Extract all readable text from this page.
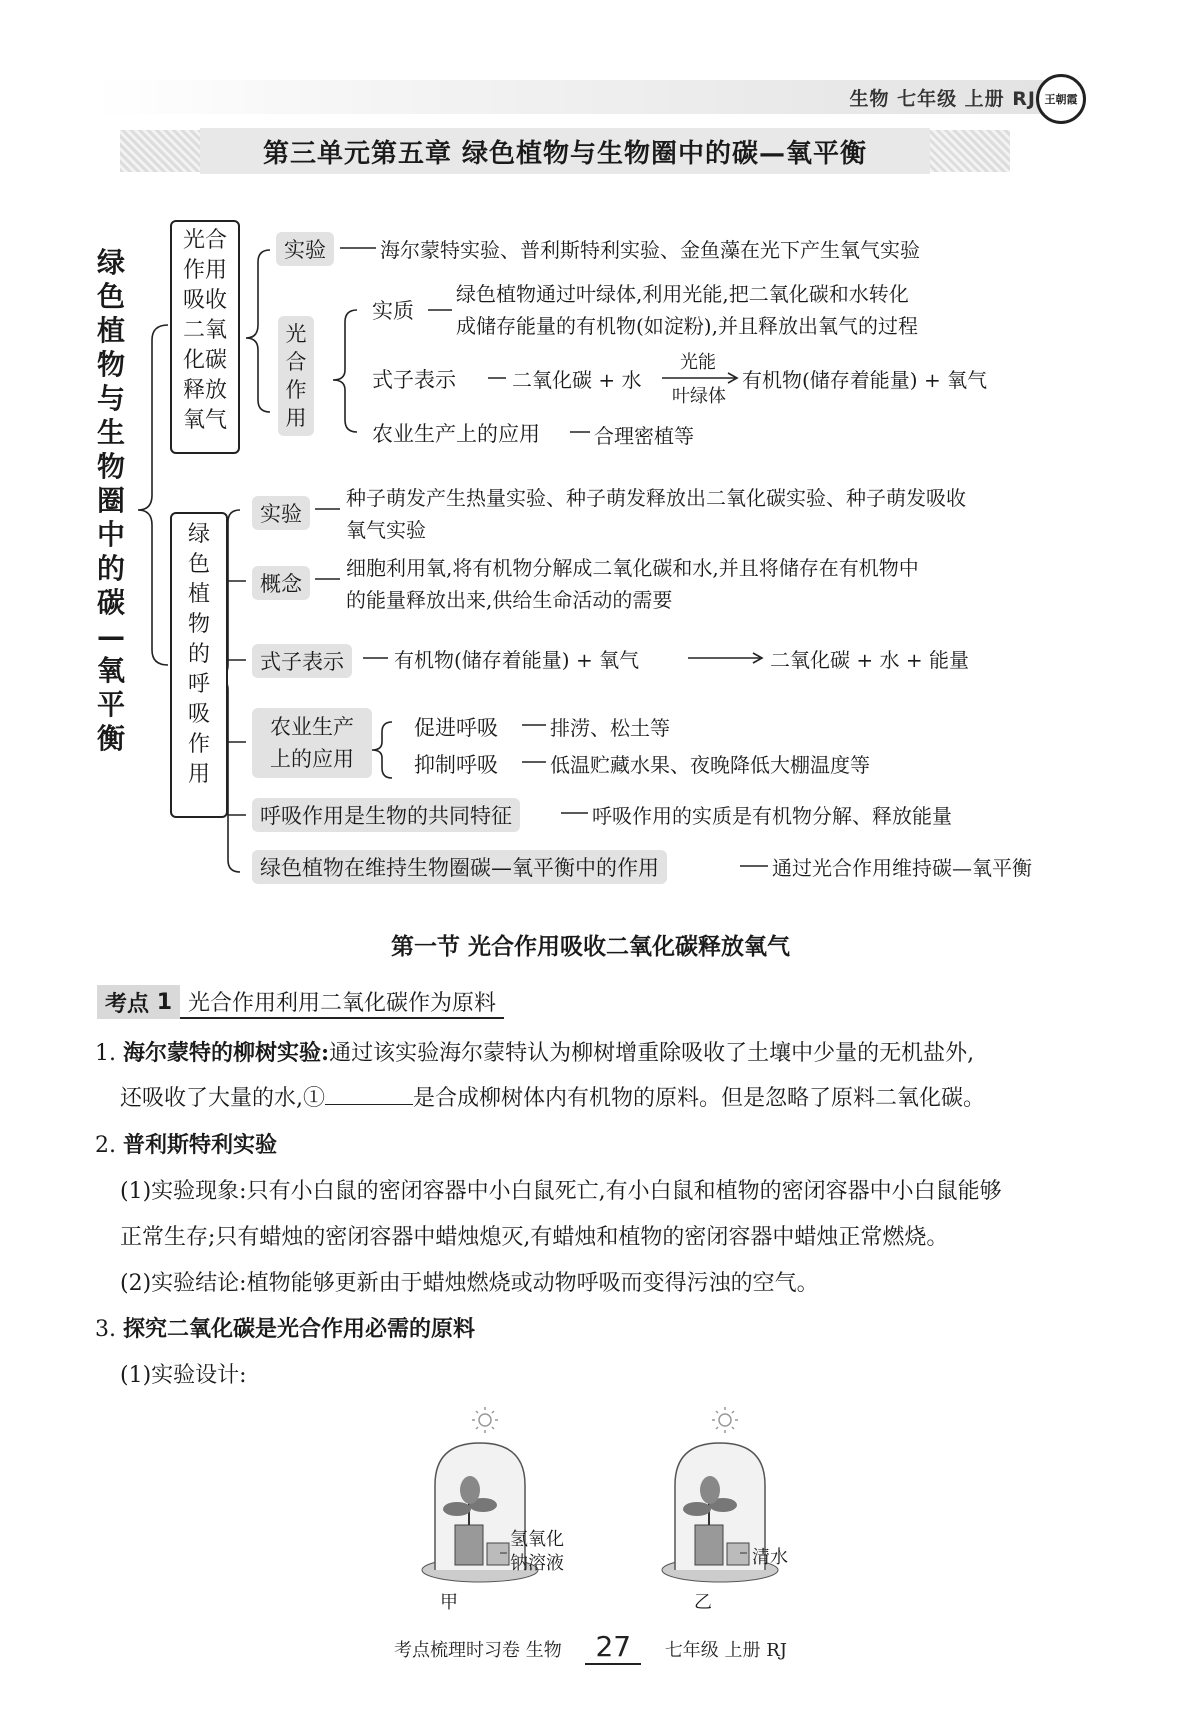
生物 七年级 上册 RJ 王朝霞
第三单元第五章 绿色植物与生物圈中的碳—氧平衡
绿
色
植
物
与
生
物
圈
中
的
碳
—
氧
平
衡
光合
作用
吸收
二氧
化碳
释放
氧气
实验	海尔蒙特实验、普利斯特利实验、金鱼藻在光下产生氧气实验
光
合
作
用
实质
绿色植物通过叶绿体,利用光能,把二氧化碳和水转化
成储存能量的有机物(如淀粉),并且释放出氧气的过程
式子表示	二氧化碳 + 水
光能
叶绿体
有机物(储存着能量) + 氧气
农业生产上的应用	合理密植等
绿
色
植
物
的
呼
吸
作
用
实验
种子萌发产生热量实验、种子萌发释放出二氧化碳实验、种子萌发吸收
氧气实验
概念
细胞利用氧,将有机物分解成二氧化碳和水,并且将储存在有机物中
的能量释放出来,供给生命活动的需要
式子表示	有机物(储存着能量) + 氧气	二氧化碳 + 水 + 能量
农业生产
上的应用
促进呼吸	排涝、松土等
抑制呼吸	低温贮藏水果、夜晚降低大棚温度等
呼吸作用是生物的共同特征	呼吸作用的实质是有机物分解、释放能量
绿色植物在维持生物圈碳—氧平衡中的作用	通过光合作用维持碳—氧平衡
第一节 光合作用吸收二氧化碳释放氧气
考点
1 光合作用利用二氧化碳作为原料
1. 海尔蒙特的柳树实验:通过该实验海尔蒙特认为柳树增重除吸收了土壤中少量的无机盐外,
还吸收了大量的水,①	是合成柳树体内有机物的原料。但是忽略了原料二氧化碳。
2. 普利斯特利实验
(1)实验现象:只有小白鼠的密闭容器中小白鼠死亡,有小白鼠和植物的密闭容器中小白鼠能够
正常生存;只有蜡烛的密闭容器中蜡烛熄灭,有蜡烛和植物的密闭容器中蜡烛正常燃烧。
(2)实验结论:植物能够更新由于蜡烛燃烧或动物呼吸而变得污浊的空气。
3. 探究二氧化碳是光合作用必需的原料
(1)实验设计:
氢氧化
钠溶液	清水
甲	乙
考点梳理时习卷 生物 27 七年级 上册 RJ
